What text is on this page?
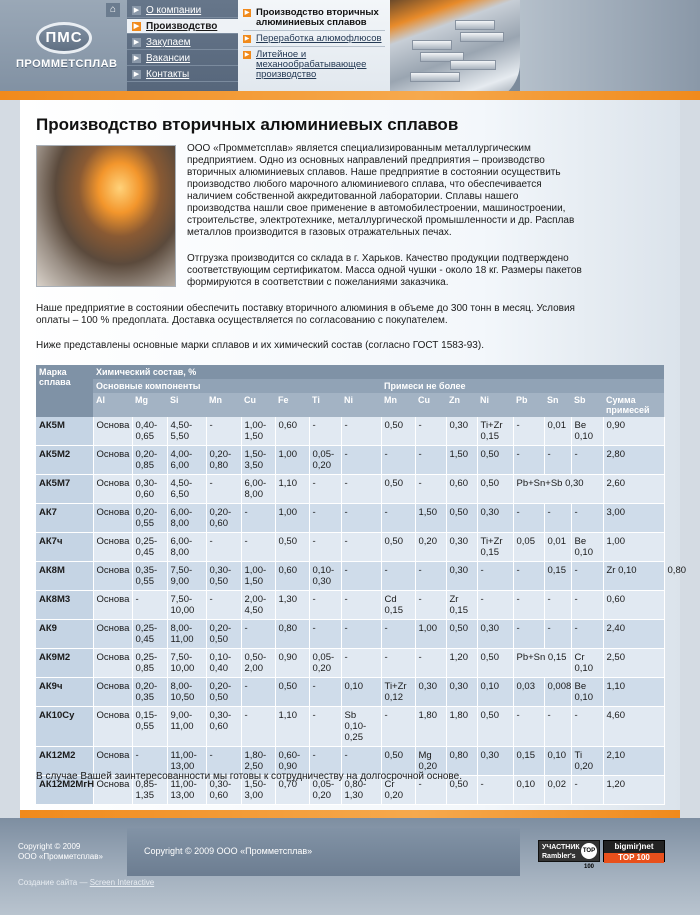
ПМС
ПРОММЕТСПЛАВ
⌂	▶ О компании
▶ Производство
▶ Закупаем
▶ Вакансии
▶ Контакты
▶ Производство вторичных алюминиевых сплавов
▶ Переработка алюмофлюсов
▶ Литейное и механообрабатывающее производство
Производство вторичных алюминиевых сплавов

ООО «Промметсплав» является специализированным металлургическим предприятием. Одно из основных направлений предприятия – производство вторичных алюминиевых сплавов. Наше предприятие в состоянии осуществить производство любого марочного алюминиевого сплава, что обеспечивается наличием собственной аккредитованной лаборатории. Сплавы нашего производства нашли свое применение в автомобилестроении, машиностроении, строительстве, электротехнике, металлургической промышленности и др. Расплав металлов производится в газовых отражательных печах.

Отгрузка производится со склада в г. Харьков. Качество продукции подтверждено соответствующим сертификатом. Масса одной чушки - около 18 кг. Размеры пакетов формируются в соответствии с пожеланиями заказчика.

Наше предприятие в состоянии обеспечить поставку вторичного алюминия в объеме до 300 тонн в месяц. Условия оплаты – 100 % предоплата. Доставка осуществляется по согласованию с покупателем.

Ниже представлены основные марки сплавов и их химический состав (согласно ГОСТ 1583-93).

Марка сплава	Химический состав, %																
	Основные компоненты								Примеси не более								
	Al	Mg	Si	Mn	Cu	Fe	Ti	Ni	Mn	Cu	Zn	Ni	Pb	Sn	Sb	Сумма примесей	
АК5М	Основа	0,40-0,65	4,50-5,50	-	1,00-1,50	0,60	-	-	0,50	-	0,30	Ti+Zr 0,15	-	0,01	Be 0,10	0,90	
АК5М2	Основа	0,20-0,85	4,00-6,00	0,20-0,80	1,50-3,50	1,00	0,05-0,20	-	-	-	1,50	0,50	-	-	-	2,80	
АК5М7	Основа	0,30-0,60	4,50-6,50	-	6,00-8,00	1,10	-	-	0,50	-	0,60	0,50	Pb+Sn+Sb 0,30			2,60	
АК7	Основа	0,20-0,55	6,00-8,00	0,20-0,60	-	1,00	-	-	-	1,50	0,50	0,30	-	-	-	3,00	
АК7ч	Основа	0,25-0,45	6,00-8,00	-	-	0,50	-	-	0,50	0,20	0,30	Ti+Zr 0,15	0,05	0,01	Be 0,10	1,00	
АК8М	Основа	0,35-0,55	7,50-9,00	0,30-0,50	1,00-1,50	0,60	0,10-0,30	-	-	-	0,30	-	-	0,15	-	Zr 0,10	0,80
АК8М3	Основа	-	7,50-10,00	-	2,00-4,50	1,30	-	-	Cd 0,15	-	Zr 0,15	-	-	-	-	0,60	
АК9	Основа	0,25-0,45	8,00-11,00	0,20-0,50	-	0,80	-	-	-	1,00	0,50	0,30	-	-	-	2,40	
АК9М2	Основа	0,25-0,85	7,50-10,00	0,10-0,40	0,50-2,00	0,90	0,05-0,20	-	-	-	1,20	0,50	Pb+Sn 0,15		Cr 0,10	2,50	
АК9ч	Основа	0,20-0,35	8,00-10,50	0,20-0,50	-	0,50	-	0,10	Ti+Zr 0,12	0,30	0,30	0,10	0,03	0,008	Be 0,10	1,10	
АК10Су	Основа	0,15-0,55	9,00-11,00	0,30-0,60	-	1,10	-	Sb 0,10-0,25	-	1,80	1,80	0,50	-	-	-	4,60	
АК12М2	Основа	-	11,00-13,00	-	1,80-2,50	0,60-0,90	-	-	0,50	Mg 0,20	0,80	0,30	0,15	0,10	Ti 0,20	2,10	
АК12М2МгН	Основа	0,85-1,35	11,00-13,00	0,30-0,60	1,50-3,00	0,70	0,05-0,20	0,80-1,30	Cr 0,20	-	0,50	-	0,10	0,02	-	1,20	

В случае Вашей заинтересованности мы готовы к сотрудничеству на долгосрочной основе.

Copyright © 2009
ООО «Промметсплав»
Создание сайта — Screen Interactive
Copyright © 2009 ООО «Промметсплав»	УЧАСТНИК
Rambler's
TOP 100
bigmir)net
TOP 100
